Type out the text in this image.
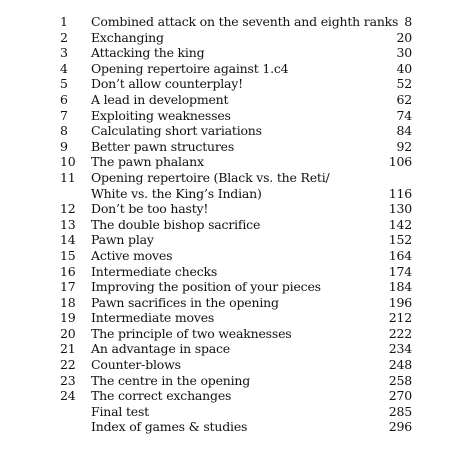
1 Combined attack on the seventh and eighth ranks 8
2 Exchanging	20
3 Attacking the king	30
4 Opening repertoire against 1.c4	40
5 Don’t allow counterplay!	52
6 A lead in development	62
7 Exploiting weaknesses	74
8 Calculating short variations	84
9 Better pawn structures	92
10 The pawn phalanx	106
11 Opening repertoire (Black vs. the Reti/
White vs. the King’s Indian)	116
12 Don’t be too hasty!	130
13 The double bishop sacrifice	142
14 Pawn play	152
15 Active moves	164
16 Intermediate checks	174
17 Improving the position of your pieces	184
18 Pawn sacrifices in the opening	196
19 Intermediate moves	212
20 The principle of two weaknesses	222
21 An advantage in space	234
22 Counter-blows	248
23 The centre in the opening	258
24 The correct exchanges	270
Final test	285
Index of games & studies	296
